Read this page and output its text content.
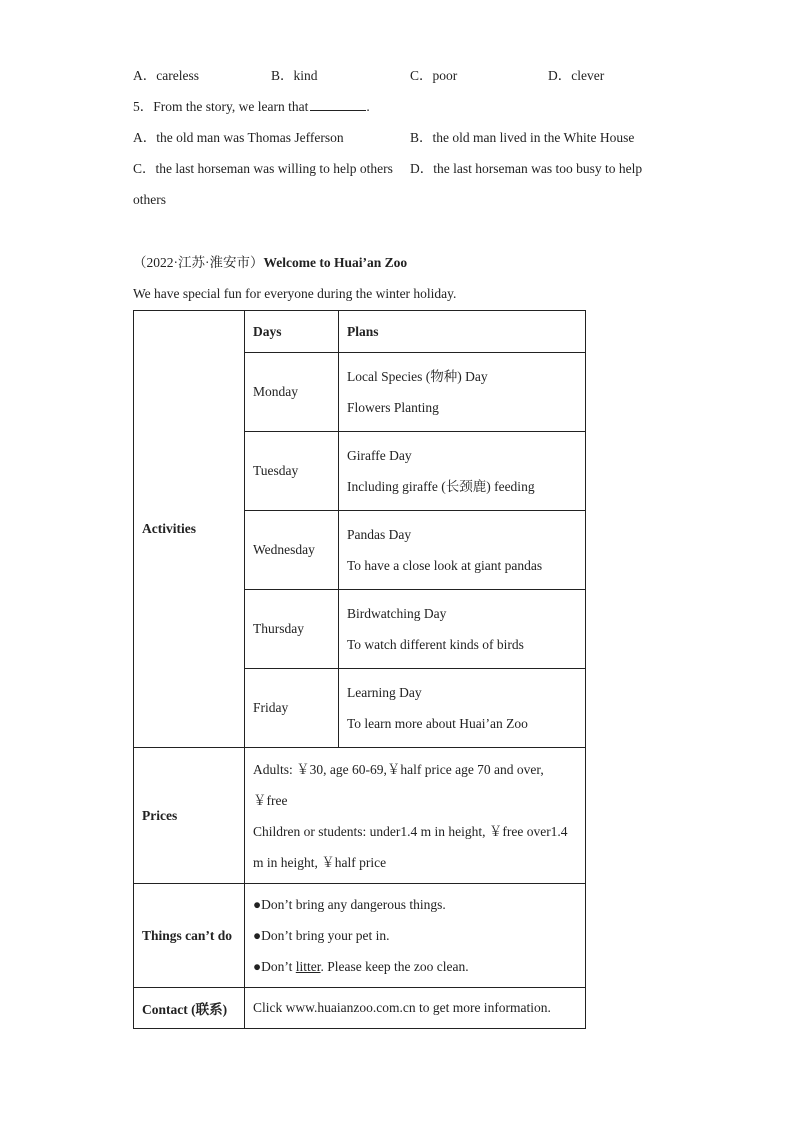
A．careless	B．kind	C．poor	D．clever
5．From the story, we learn that	.
A．the old man was Thomas Jefferson	B．the old man lived in the White House
C．the last horseman was willing to help others D．the last horseman was too busy to help
others
（2022·江苏·淮安市）Welcome to Huai’an Zoo
We have special fun for everyone during the winter holiday.
Activities	Days	Plans
	Monday	Local Species (物种) Day
Flowers Planting

	Tuesday	Giraffe Day
Including giraffe (长颈鹿) feeding

	Wednesday	Pandas Day
To have a close look at giant pandas

	Thursday	Birdwatching Day
To watch different kinds of birds

	Friday	Learning Day
To learn more about Huai’an Zoo

Prices	Adults: ￥30, age 60-69,￥half price age 70 and over,
￥free
Children or students: under1.4 m in height, ￥free over1.4
m in height, ￥half price	

Things can’t do	●Don’t bring any dangerous things.
●Don’t bring your pet in.
●Don’t litter. Please keep the zoo clean.	

Contact (联系)	Click www.huaianzoo.com.cn to get more information.	
